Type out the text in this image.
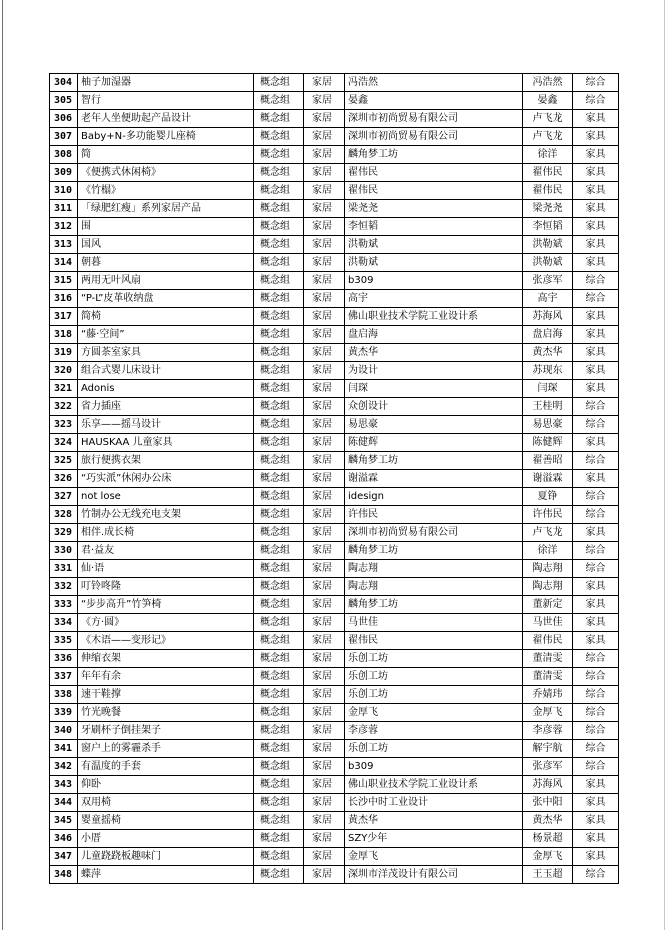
304	柚子加湿器	概念组	家居	冯浩然	冯浩然	综合
305	智行	概念组	家居	晏鑫	晏鑫	综合
306	老年人坐便助起产品设计	概念组	家居	深圳市初尚贸易有限公司	卢飞龙	家具
307	Baby+N-多功能婴儿座椅	概念组	家居	深圳市初尚贸易有限公司	卢飞龙	家具
308	简	概念组	家居	麟角梦工坊	徐洋	家具
309	《便携式休闲椅》	概念组	家居	翟伟民	翟伟民	家具
310	《竹榻》	概念组	家居	翟伟民	翟伟民	家具
311	「绿肥红瘦」系列家居产品	概念组	家居	梁尧尧	梁尧尧	家具
312	围	概念组	家居	李恒韬	李恒韬	家具
313	国风	概念组	家居	洪勒斌	洪勒斌	家具
314	朝暮	概念组	家居	洪勒斌	洪勒斌	家具
315	两用无叶风扇	概念组	家居	b309	张彦军	综合
316	“P-L”皮革收纳盘	概念组	家居	高宇	高宇	综合
317	简椅	概念组	家居	佛山职业技术学院工业设计系	苏海风	家具
318	“藤·空间”	概念组	家居	盘启海	盘启海	家具
319	方圆茶室家具	概念组	家居	黄杰华	黄杰华	家具
320	组合式婴儿床设计	概念组	家居	为设计	苏现东	家具
321	Adonis	概念组	家居	闫琛	闫琛	家具
322	省力插座	概念组	家居	众创设计	王桂明	综合
323	乐享——摇马设计	概念组	家居	易思豪	易思豪	综合
324	HAUSKAA 儿童家具	概念组	家居	陈健辉	陈健辉	家具
325	旅行便携衣架	概念组	家居	麟角梦工坊	翟善昭	综合
326	“巧实派”休闲办公床	概念组	家居	谢溢霖	谢溢霖	家具
327	not lose	概念组	家居	idesign	夏铮	综合
328	竹制办公无线充电支架	概念组	家居	许伟民	许伟民	综合
329	相伴.成长椅	概念组	家居	深圳市初尚贸易有限公司	卢飞龙	家具
330	君·益友	概念组	家居	麟角梦工坊	徐洋	综合
331	仙·语	概念组	家居	陶志翔	陶志翔	综合
332	叮铃咚隆	概念组	家居	陶志翔	陶志翔	家具
333	“步步高升”竹笋椅	概念组	家居	麟角梦工坊	董新定	家具
334	《方·圆》	概念组	家居	马世佳	马世佳	家具
335	《木语——变形记》	概念组	家居	翟伟民	翟伟民	家具
336	伸缩衣架	概念组	家居	乐创工坊	董清雯	综合
337	年年有余	概念组	家居	乐创工坊	董清雯	综合
338	速干鞋撑	概念组	家居	乐创工坊	乔婧玮	综合
339	竹光晚餐	概念组	家居	金厚飞	金厚飞	综合
340	牙刷杯子倒挂架子	概念组	家居	李彦蓉	李彦蓉	综合
341	窗户上的雾霾杀手	概念组	家居	乐创工坊	解宇航	综合
342	有温度的手套	概念组	家居	b309	张彦军	综合
343	仰卧	概念组	家居	佛山职业技术学院工业设计系	苏海风	家具
344	双用椅	概念组	家居	长沙中时工业设计	张中阳	家具
345	婴童摇椅	概念组	家居	黄杰华	黄杰华	家具
346	小厝	概念组	家居	SZY少年	杨景超	家具
347	儿童跷跷板趣味门	概念组	家居	金厚飞	金厚飞	家具
348	蝶萍	概念组	家居	深圳市洋茂设计有限公司	王玉超	综合
